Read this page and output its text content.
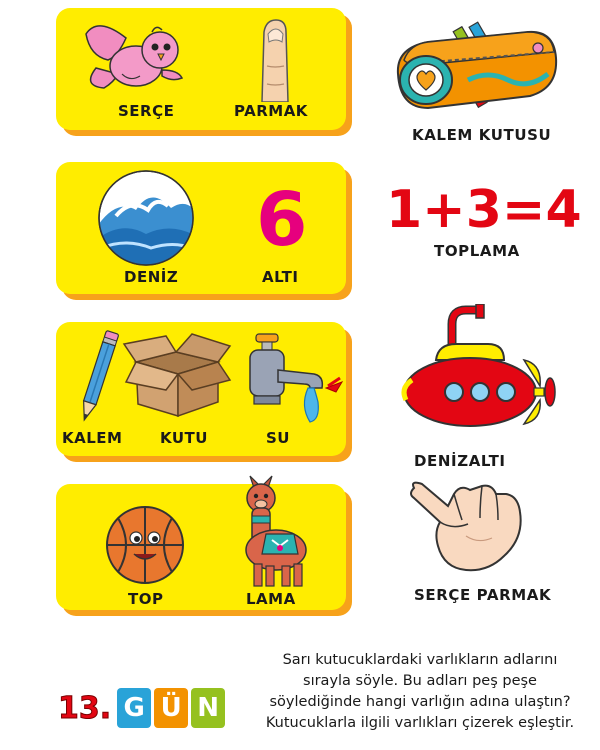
SERÇE	PARMAK
DENİZ
6
ALTI
KALEM	KUTU	SU
TOP	LAMA
KALEM KUTUSU
1+3=4
TOPLAMA
DENİZALTI
SERÇE PARMAK
13. G Ü N
Sarı kutucuklardaki varlıkların adlarını
sırayla söyle. Bu adları peş peşe
söylediğinde hangi varlığın adına ulaştın?
Kutucuklarla ilgili varlıkları çizerek eşleştir.
